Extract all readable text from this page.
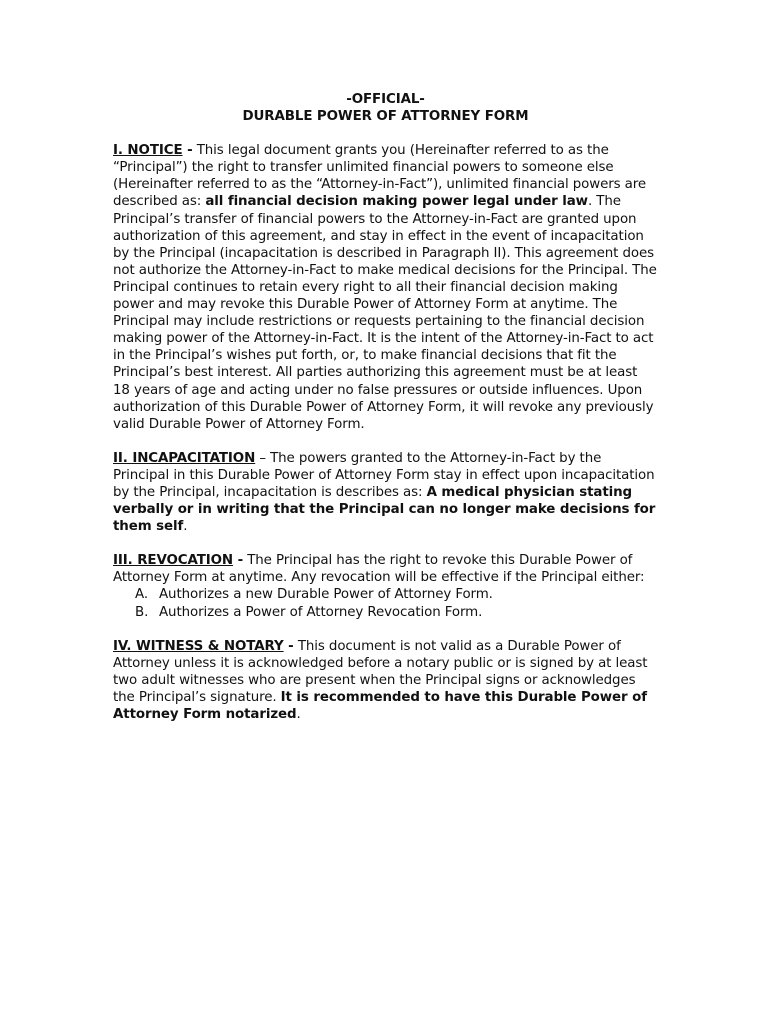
-OFFICIAL-

DURABLE POWER OF ATTORNEY FORM

I. NOTICE - This legal document grants you (Hereinafter referred to as the “Principal”) the right to transfer unlimited financial powers to someone else (Hereinafter referred to as the “Attorney-in-Fact”), unlimited financial powers are described as: all financial decision making power legal under law. The Principal’s transfer of financial powers to the Attorney-in-Fact are granted upon authorization of this agreement, and stay in effect in the event of incapacitation by the Principal (incapacitation is described in Paragraph II). This agreement does not authorize the Attorney-in-Fact to make medical decisions for the Principal. The Principal continues to retain every right to all their financial decision making power and may revoke this Durable Power of Attorney Form at anytime. The Principal may include restrictions or requests pertaining to the financial decision making power of the Attorney-in-Fact. It is the intent of the Attorney-in-Fact to act in the Principal’s wishes put forth, or, to make financial decisions that fit the Principal’s best interest. All parties authorizing this agreement must be at least 18 years of age and acting under no false pressures or outside influences. Upon authorization of this Durable Power of Attorney Form, it will revoke any previously valid Durable Power of Attorney Form.

II. INCAPACITATION – The powers granted to the Attorney-in-Fact by the Principal in this Durable Power of Attorney Form stay in effect upon incapacitation by the Principal, incapacitation is describes as: A medical physician stating verbally or in writing that the Principal can no longer make decisions for them self.

III. REVOCATION - The Principal has the right to revoke this Durable Power of Attorney Form at anytime. Any revocation will be effective if the Principal either:

A. Authorizes a new Durable Power of Attorney Form.
B. Authorizes a Power of Attorney Revocation Form.

IV. WITNESS & NOTARY - This document is not valid as a Durable Power of Attorney unless it is acknowledged before a notary public or is signed by at least two adult witnesses who are present when the Principal signs or acknowledges the Principal’s signature. It is recommended to have this Durable Power of Attorney Form notarized.
